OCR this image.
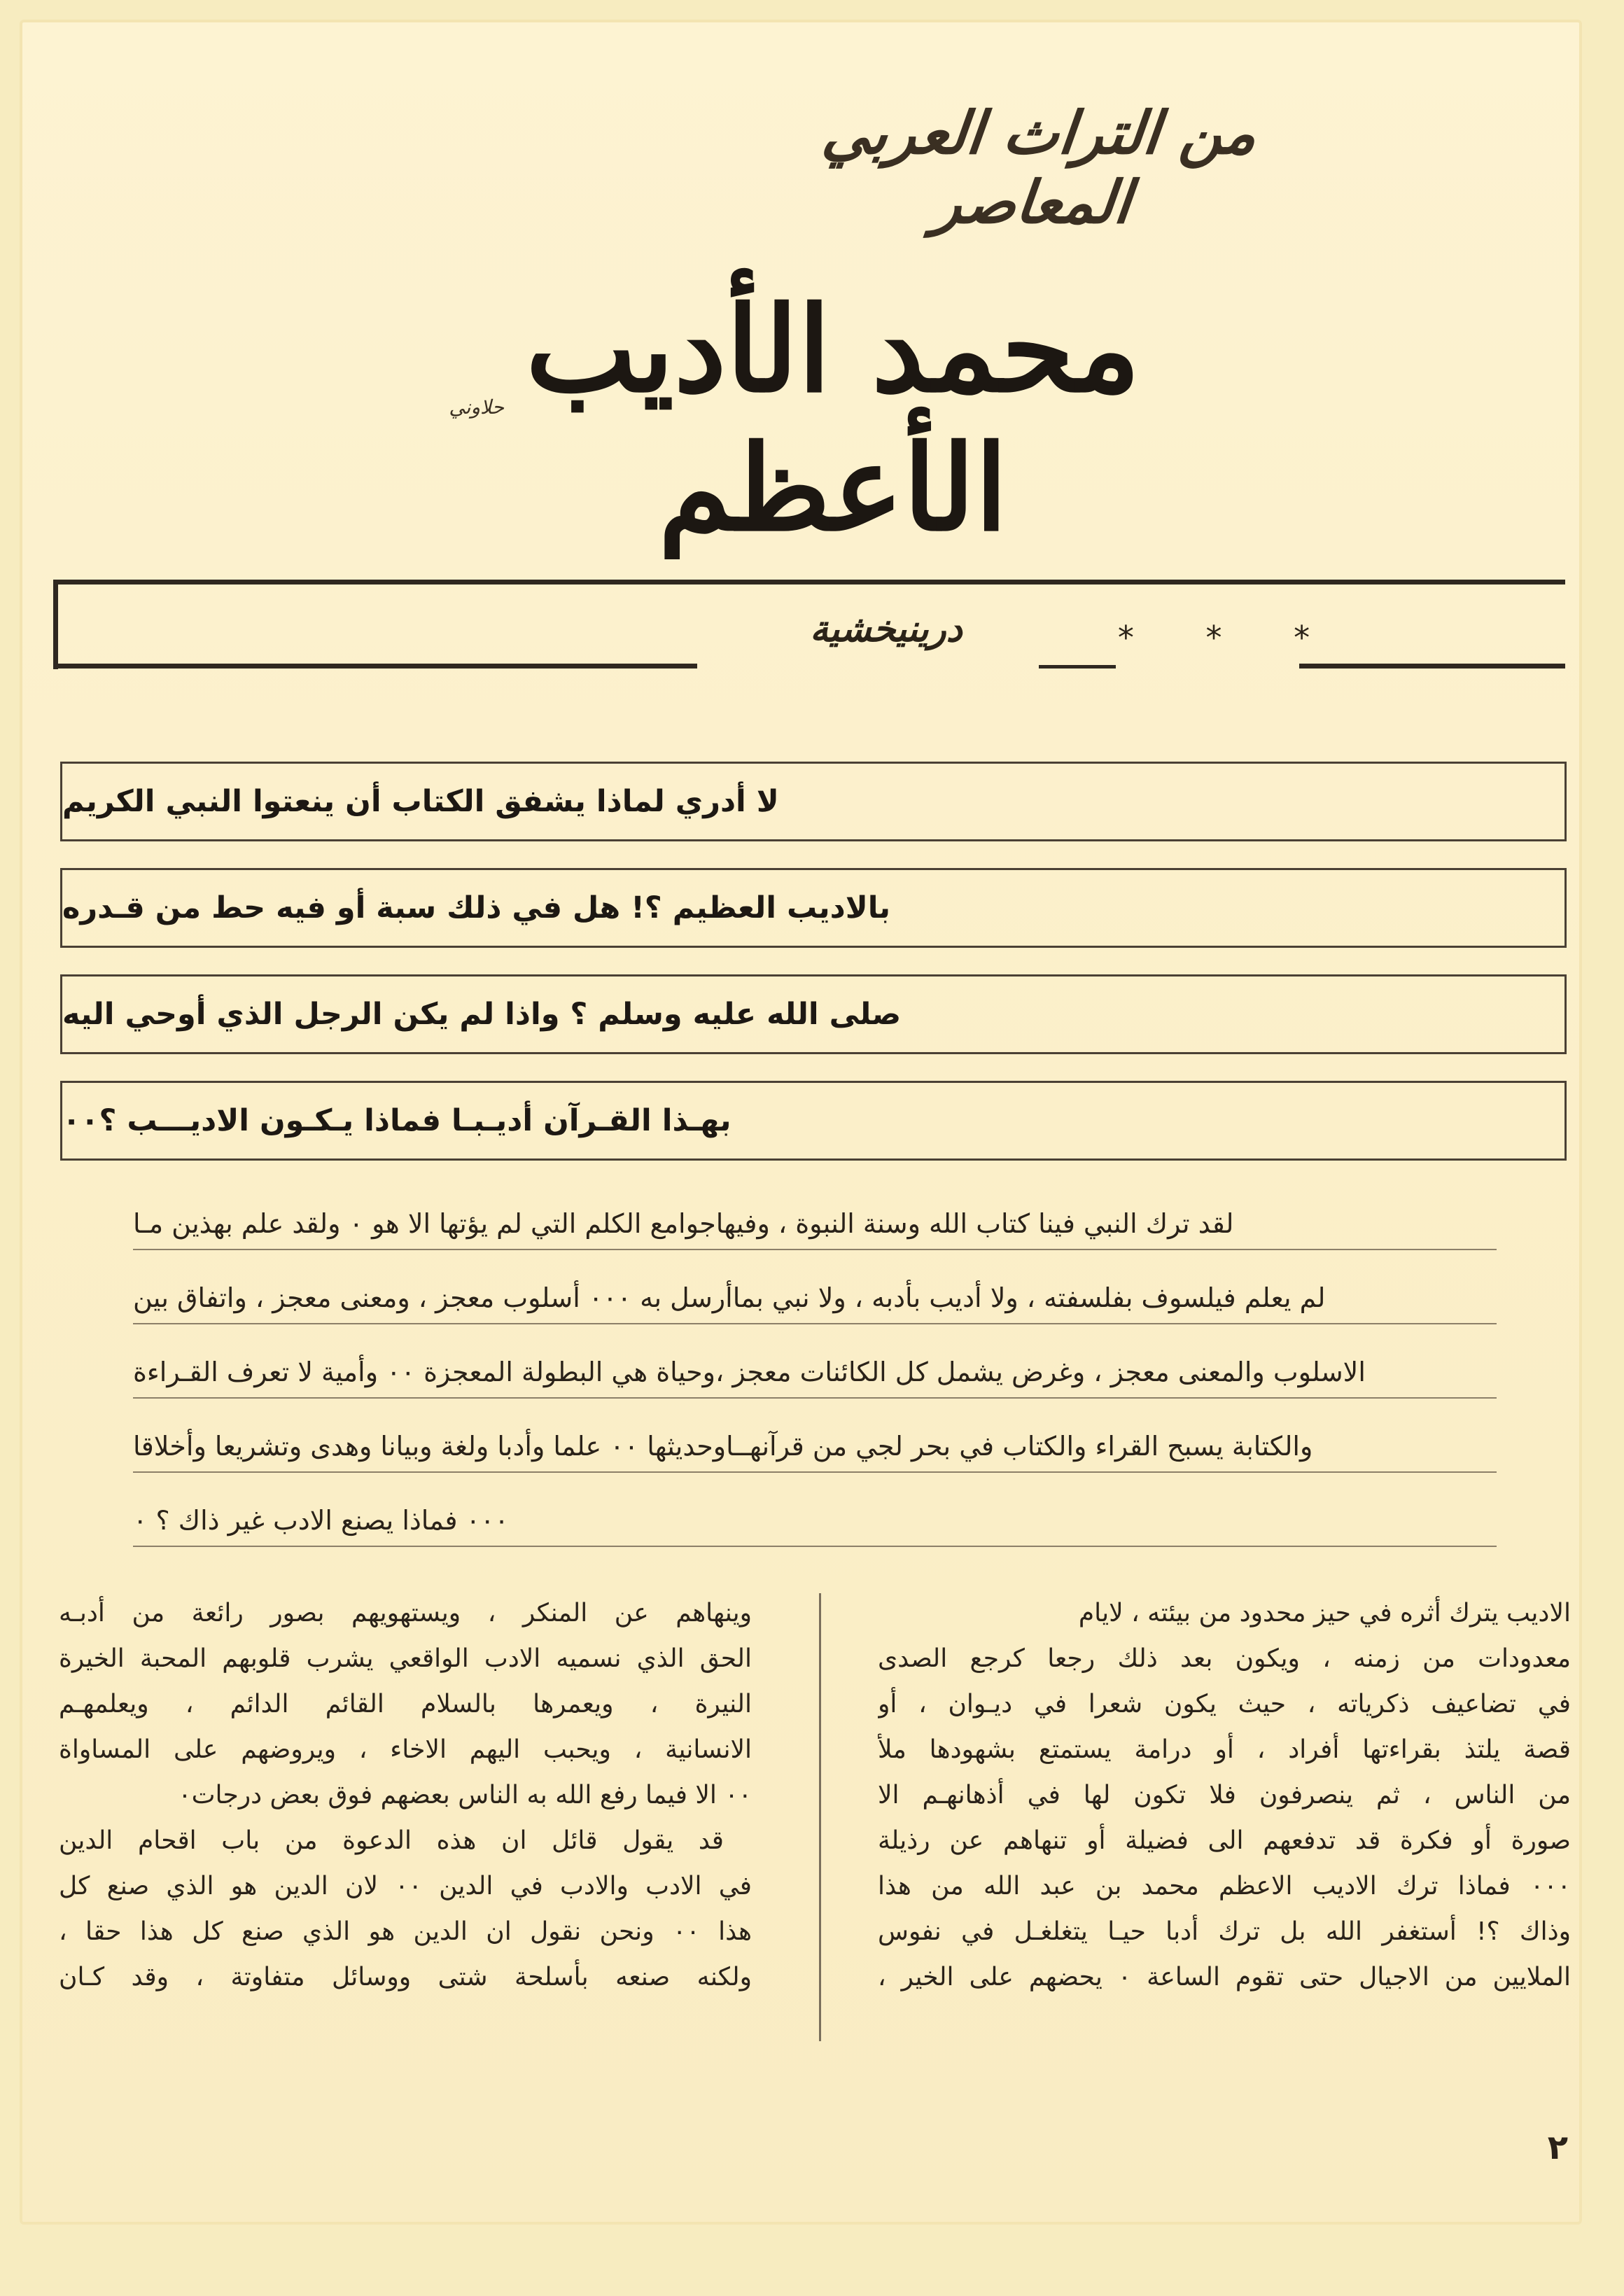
من التراث العربي المعاصر
محمد الأديب الأعظم
حلاوني
درينيخشية	* * *
لا أدري لماذا يشفق الكتاب أن ينعتوا النبي الكريم
بالاديب العظيم ؟! هل في ذلك سبة أو فيه حط من قـدره
صلى الله عليه وسلم ؟ واذا لم يكن الرجل الذي أوحي اليه
بهـذا القـرآن أديـبـا فماذا يـكـون الاديـــب ؟٠٠
لقد ترك النبي فينا كتاب الله وسنة النبوة ، وفيهاجوامع الكلم التي لم يؤتها الا هو ٠ ولقد علم بهذين مـا
لم يعلم فيلسوف بفلسفته ، ولا أديب بأدبه ، ولا نبي بماأرسل به ٠٠٠ أسلوب معجز ، ومعنى معجز ، واتفاق بين
الاسلوب والمعنى معجز ، وغرض يشمل كل الكائنات معجز ،وحياة هي البطولة المعجزة ٠٠ وأمية لا تعرف القـراءة
والكتابة يسبح القراء والكتاب في بحر لجي من قرآنهــاوحديثها ٠٠ علما وأدبا ولغة وبيانا وهدى وتشريعا وأخلاقا
٠٠٠ فماذا يصنع الادب غير ذاك ؟ ٠
الاديب يترك أثره في حيز محدود من بيئته ، لايام
معدودات من زمنه ، ويكون بعد ذلك رجعا كرجع الصدى
في تضاعيف ذكرياته ، حيث يكون شعرا في ديـوان ، أو
قصة يلتذ بقراءتها أفراد ، أو درامة يستمتع بشهودها ملأ
من الناس ، ثم ينصرفون فلا تكون لها في أذهانهـم الا
صورة أو فكرة قد تدفعهم الى فضيلة أو تنهاهم عن رذيلة
٠٠٠ فماذا ترك الاديب الاعظم محمد بن عبد الله من هذا
وذاك ؟! أستغفر الله بل ترك أدبا حيـا يتغلغـل في نفوس
الملايين من الاجيال حتى تقوم الساعة ٠ يحضهم على الخير ،
وينهاهم عن المنكر ، ويستهويهم بصور رائعة من أدبـه
الحق الذي نسميه الادب الواقعي يشرب قلوبهم المحبة الخيرة
النيرة ، ويعمرها بالسلام القائم الدائم ، ويعلمهـم
الانسانية ، ويحبب اليهم الاخاء ، ويروضهم على المساواة
٠٠ الا فيما رفع الله به الناس بعضهم فوق بعض درجات٠
قد يقول قائل ان هذه الدعوة من باب اقحام الدين
في الادب والادب في الدين ٠٠ لان الدين هو الذي صنع كل
هذا ٠٠ ونحن نقول ان الدين هو الذي صنع كل هذا حقا ،
ولكنه صنعه بأسلحة شتى ووسائل متفاوتة ، وقد كـان
٢
